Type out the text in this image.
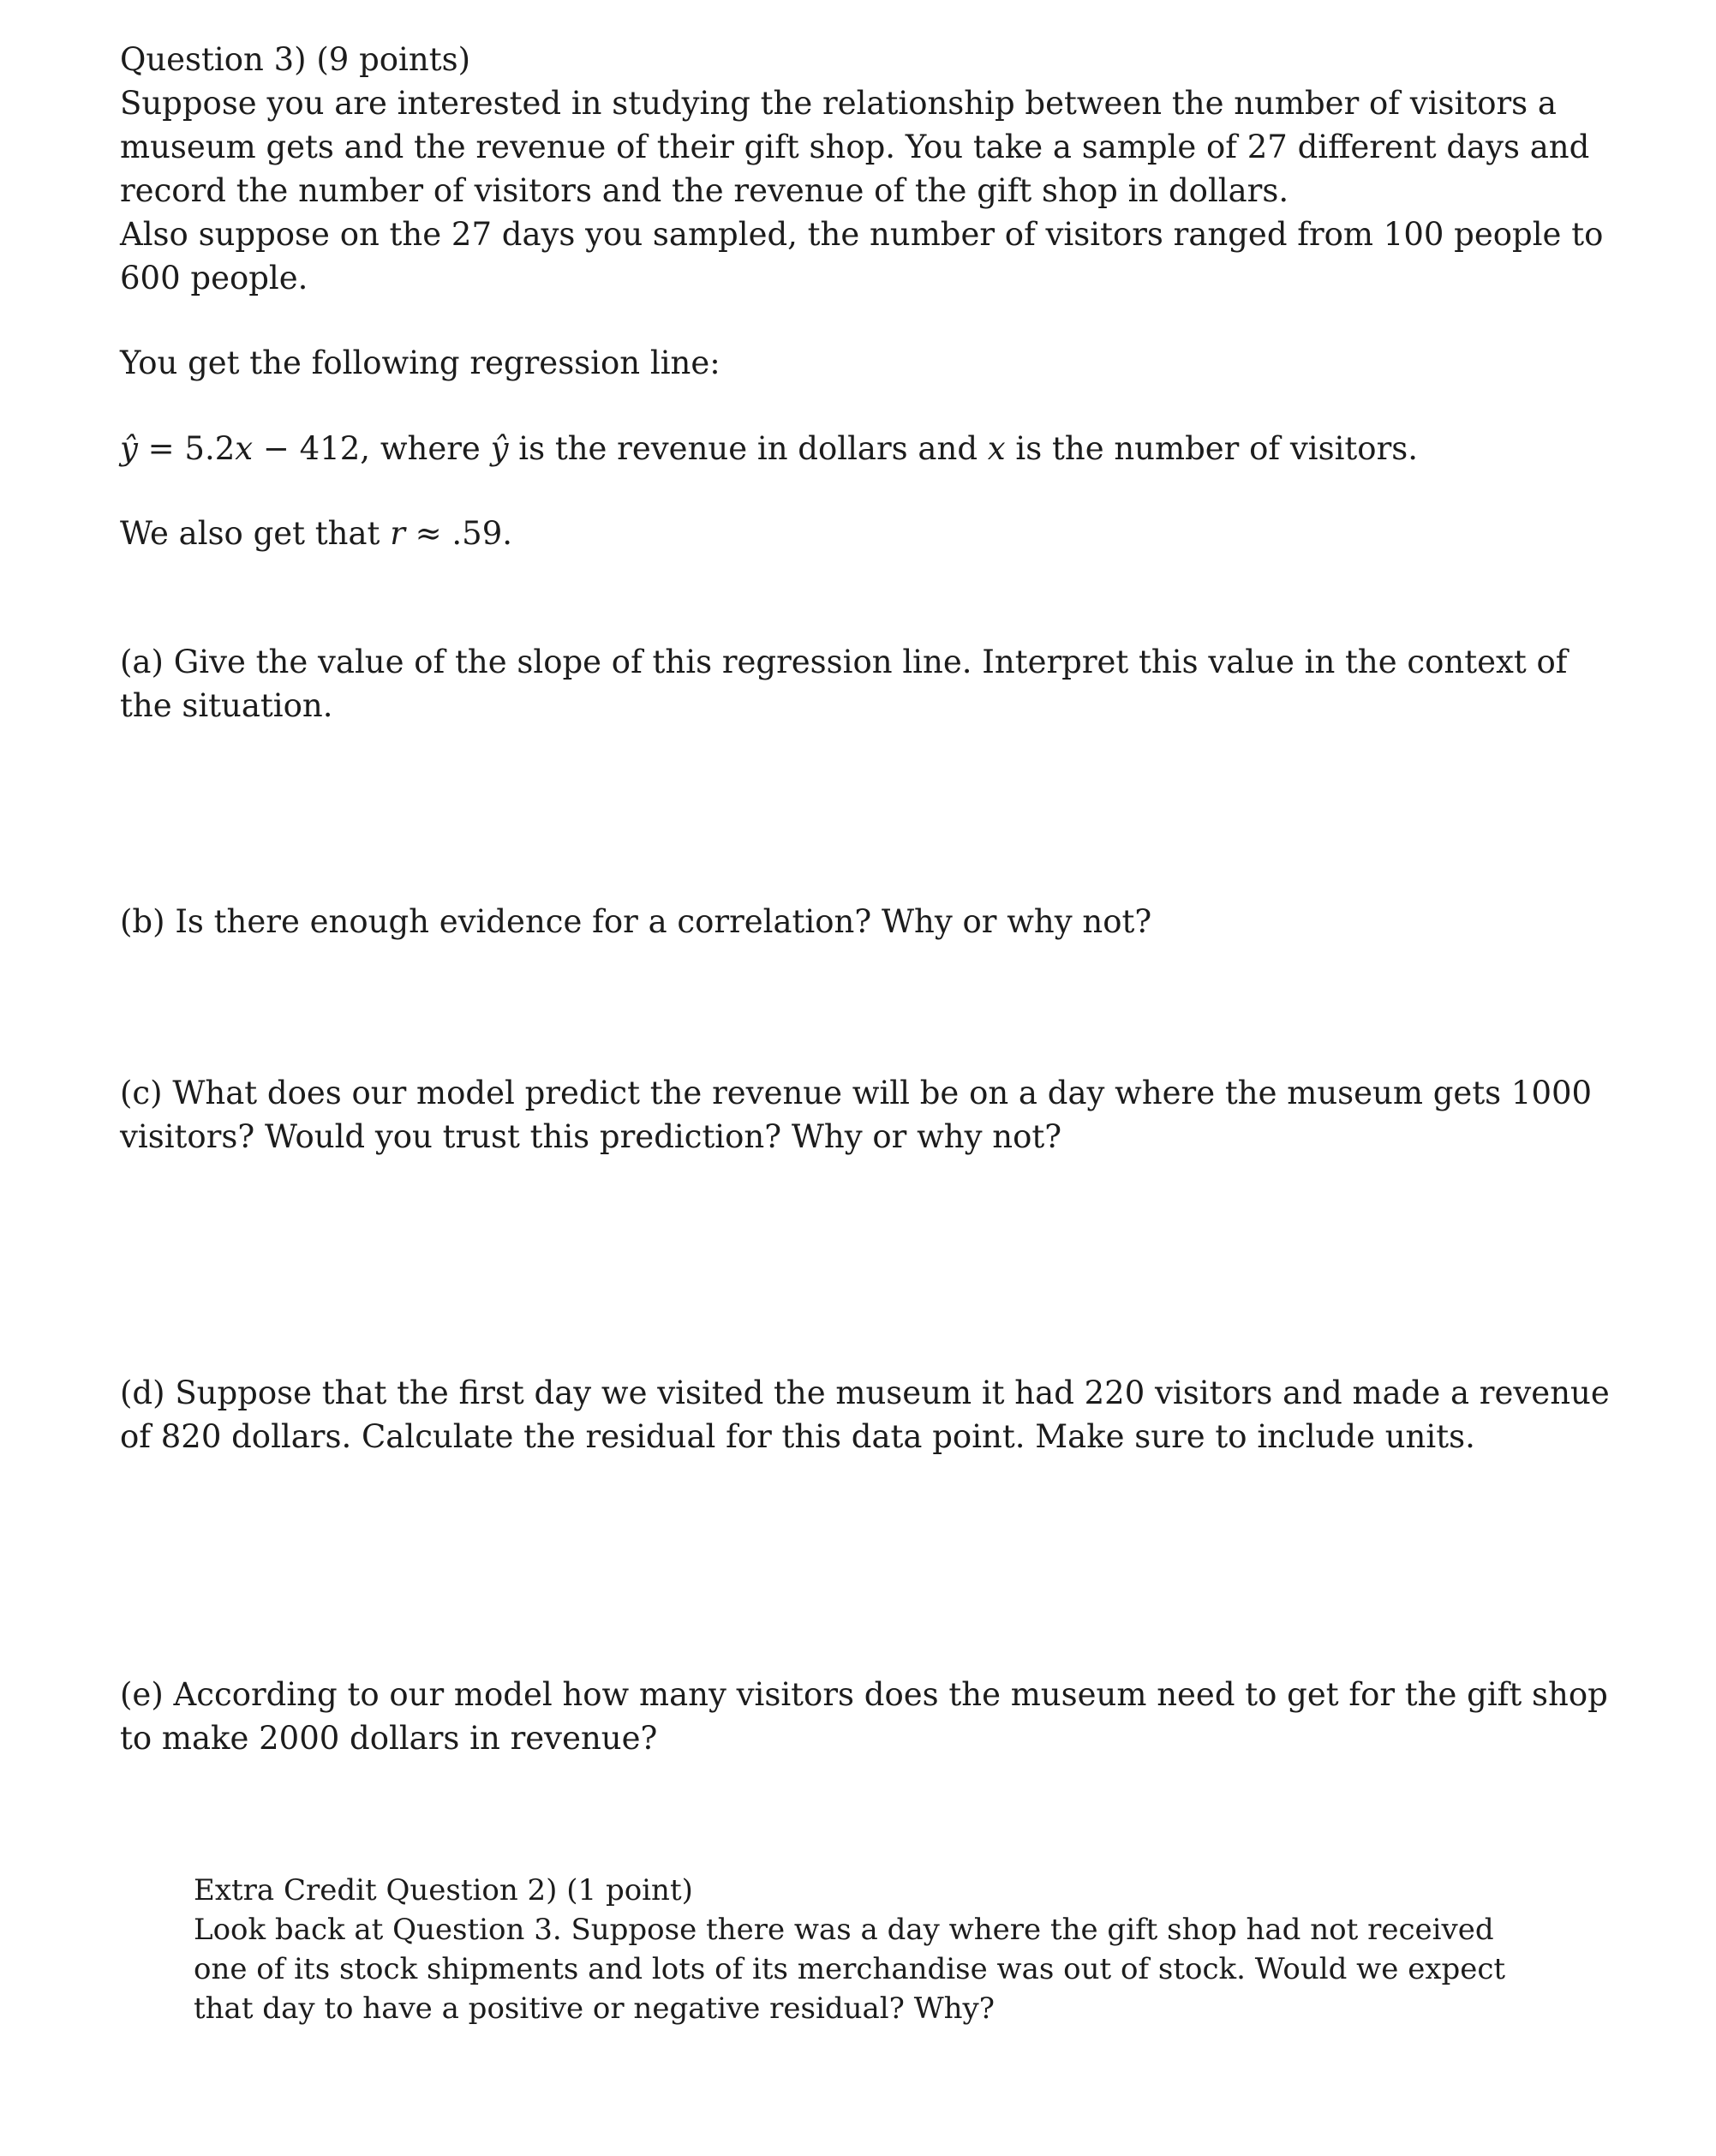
Question 3) (9 points)

Suppose you are interested in studying the relationship between the number of visitors a museum gets and the revenue of their gift shop. You take a sample of 27 different days and record the number of visitors and the revenue of the gift shop in dollars.

Also suppose on the 27 days you sampled, the number of visitors ranged from 100 people to 600 people.

You get the following regression line:

ŷ = 5.2x − 412, where ŷ is the revenue in dollars and x is the number of visitors.

We also get that r ≈ .59.

(a) Give the value of the slope of this regression line. Interpret this value in the context of the situation.

(b) Is there enough evidence for a correlation? Why or why not?

(c) What does our model predict the revenue will be on a day where the museum gets 1000 visitors? Would you trust this prediction? Why or why not?

(d) Suppose that the first day we visited the museum it had 220 visitors and made a revenue of 820 dollars. Calculate the residual for this data point. Make sure to include units.

(e) According to our model how many visitors does the museum need to get for the gift shop to make 2000 dollars in revenue?

Extra Credit Question 2) (1 point)

Look back at Question 3. Suppose there was a day where the gift shop had not received one of its stock shipments and lots of its merchandise was out of stock. Would we expect that day to have a positive or negative residual? Why?
